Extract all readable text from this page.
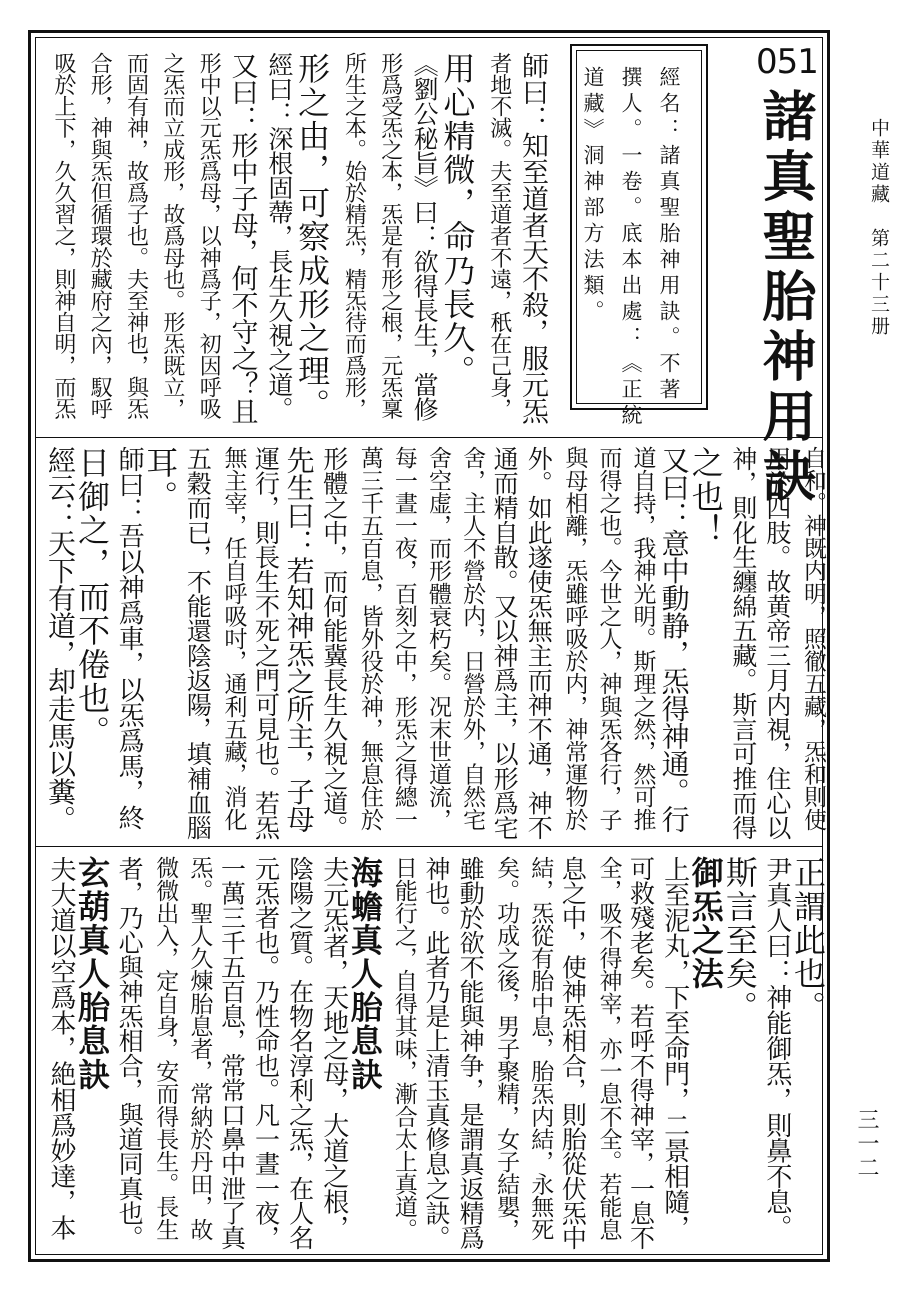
中華道藏　第二十三册
三一二
051
諸真聖胎神用訣
經名：諸真聖胎神用訣。不著
撰人。一卷。底本出處：《正統
道藏》洞神部方法類。
師曰：知至道者天不殺，服元炁
者地不滅。夫至道者不遠，秖在己身，
用心精微，命乃長久。
《劉公秘旨》曰：欲得長生，當修
形爲受炁之本，炁是有形之根，元炁稟
所生之本。始於精炁，精炁待而爲形，
形之由，可察成形之理。
經曰：深根固蔕，長生久視之道。
又曰：形中子母，何不守之？且
形中以元炁爲母，以神爲子，初因呼吸
之炁而立成形，故爲母也。形炁既立，
而固有神，故爲子也。夫至神也，與炁
合形，神與炁但循環於藏府之內，馭呼
吸於上下，久久習之，則神自明，而炁
自和。神既内明，照徹五藏，炁和則使
用於四肢。故黄帝三月内視，住心以
神，則化生纏綿五藏。斯言可推而得
之也！
又曰：意中動静，炁得神通。行
道自持，我神光明。斯理之然，然可推
而得之也。今世之人，神與炁各行，子
與母相離，炁雖呼吸於内，神常運物於
外。如此遂使炁無主而神不通，神不
通而精自散。又以神爲主，以形爲宅
舍，主人不營於内，日營於外，自然宅
舍空虚，而形體衰朽矣。况末世道流，
每一晝一夜，百刻之中，形炁之得總一
萬三千五百息，皆外役於神，無息住於
形體之中，而何能冀長生久視之道。
先生曰：若知神炁之所主，子母
運行，則長生不死之門可見也。若炁
無主宰，任自呼吸吋，通利五藏，消化
五穀而已，不能還陰返陽，填補血腦
耳。
師曰：吾以神爲車，以炁爲馬，終
日御之，而不倦也。
經云：天下有道，却走馬以糞。
正謂此也。
尹真人曰：神能御炁，則鼻不息。
斯言至矣。
御炁之法
上至泥丸，下至命門，二景相隨，
可救殘老矣。若呼不得神宰，一息不
全，吸不得神宰，亦一息不全。若能息
息之中，使神炁相合，則胎從伏炁中
結，炁從有胎中息，胎炁内結，永無死
矣。功成之後，男子聚精，女子結嬰，
雖動於欲不能與神争，是謂真返精爲
神也。此者乃是上清玉真修息之訣。
日能行之，自得其味，漸合太上真道。
海蟾真人胎息訣
夫元炁者，天地之母，大道之根，
陰陽之質。在物名淳利之炁，在人名
元炁者也。乃性命也。凡一晝一夜，
一萬三千五百息，常常口鼻中泄了真
炁。聖人久煉胎息者，常納於丹田，故
微微出入，定自身，安而得長生。長生
者，乃心與神炁相合，與道同真也。
玄葫真人胎息訣
夫大道以空爲本，絶相爲妙達，本
